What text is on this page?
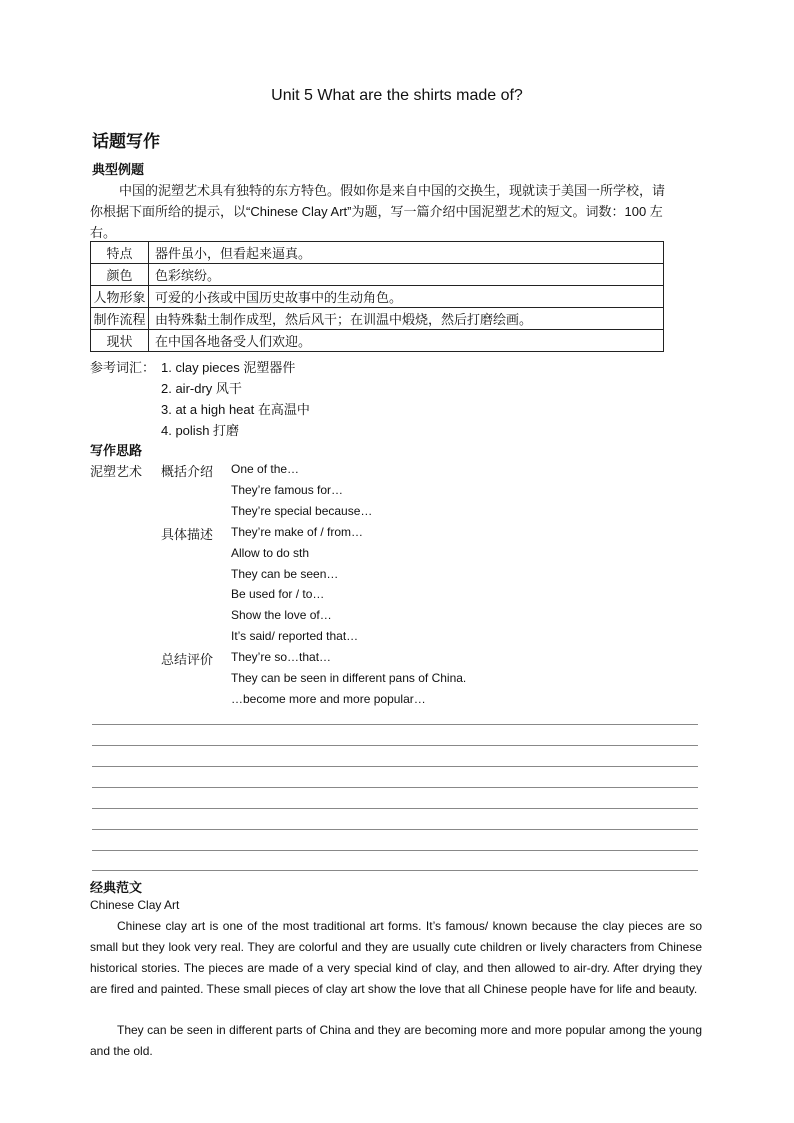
Unit 5 What are the shirts made of?
话题写作
典型例题
中国的泥塑艺术具有独特的东方特色。假如你是来自中国的交换生，现就读于美国一所学校，请
你根据下面所给的提示，以“Chinese Clay Art”为题，写一篇介绍中国泥塑艺术的短文。词数：100 左
右。
特点	器件虽小，但看起来逼真。
颜色	色彩缤纷。
人物形象	可爱的小孩或中国历史故事中的生动角色。
制作流程	由特殊黏土制作成型，然后风干；在训温中煅烧，然后打磨绘画。
现状	在中国各地备受人们欢迎。
参考词汇： 1. clay pieces 泥塑器件
2. air-dry 风干
3. at a high heat 在高温中
4. polish 打磨
写作思路
泥塑艺术 概括介绍 One of the…
They’re famous for…
They’re special because…
具体描述 They’re make of / from…
Allow to do sth
They can be seen…
Be used for / to…
Show the love of…
It’s said/ reported that…
总结评价 They’re so…that…
They can be seen in different pans of China.
…become more and more popular…
经典范文
Chinese Clay Art
Chinese clay art is one of the most traditional art forms. It’s famous/ known because the clay pieces are so small but they look very real. They are colorful and they are usually cute children or lively characters from Chinese historical stories. The pieces are made of a very special kind of clay, and then allowed to air-dry. After drying they are fired and painted. These small pieces of clay art show the love that all Chinese people have for life and beauty.
They can be seen in different parts of China and they are becoming more and more popular among the young and the old.
